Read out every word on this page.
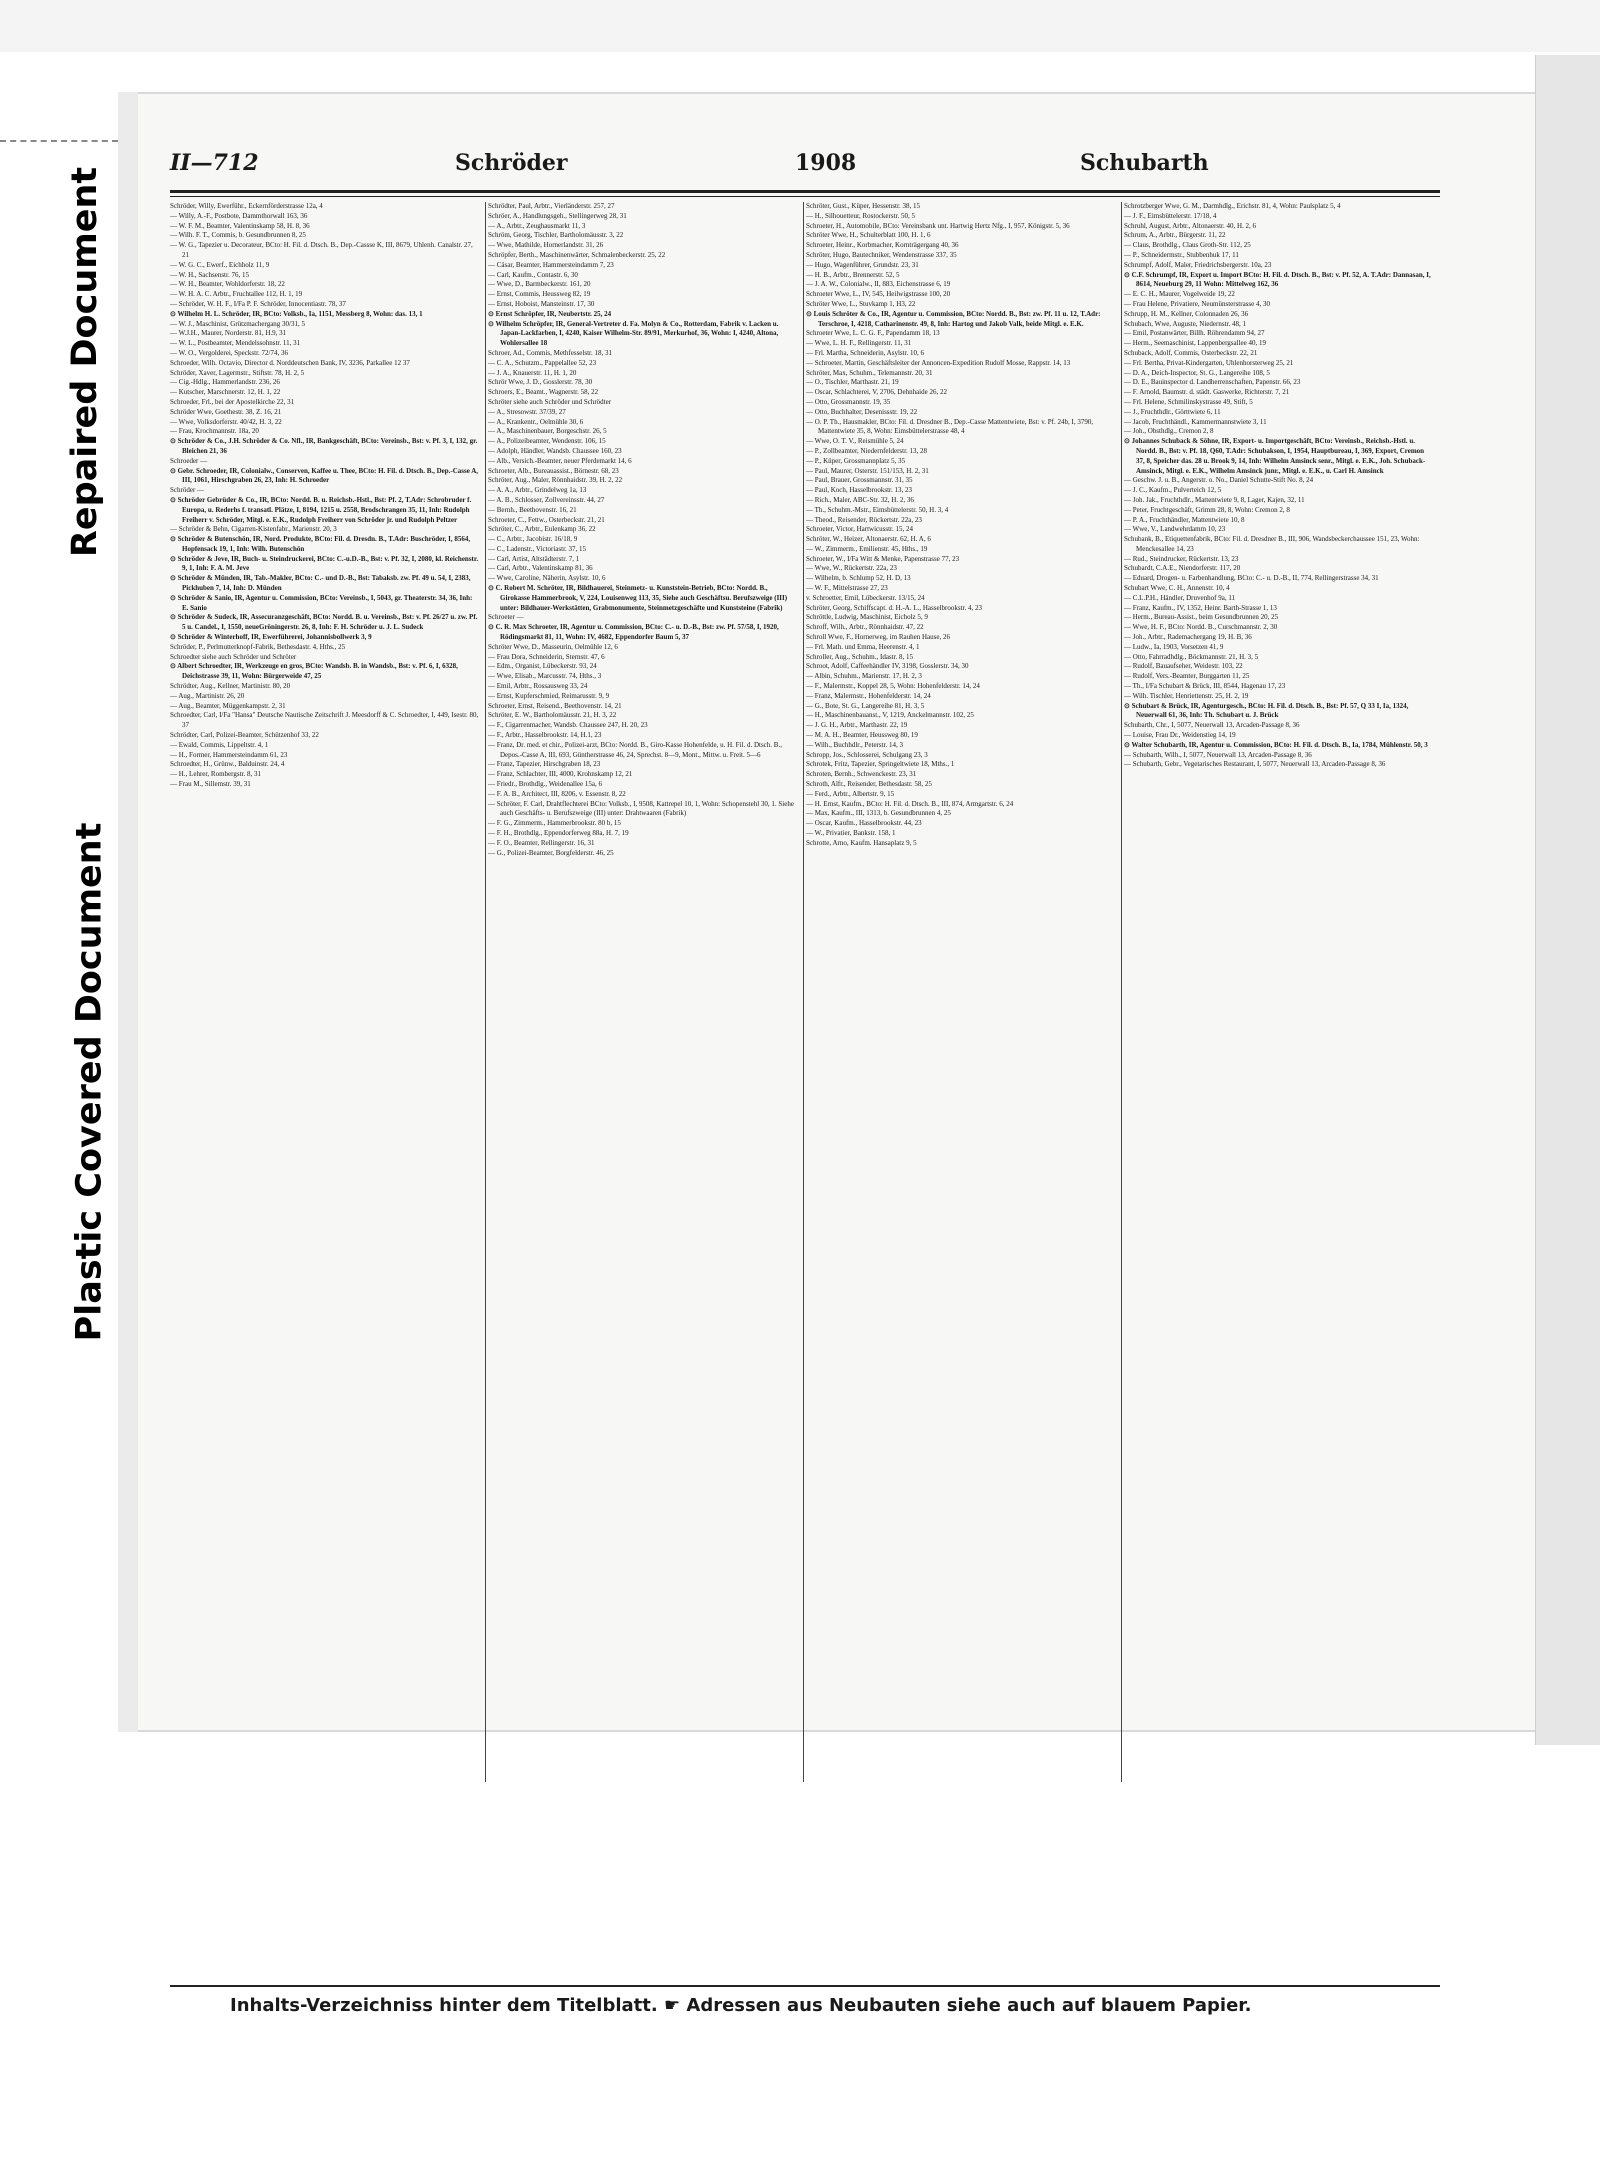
Repaired Document
Plastic Covered Document
II—712	Schröder	1908	Schubarth

Schröder, Willy, Ewerführ., Eckernförderstrasse 12a, 4

— Willy, A.-F., Postbote, Dammthorwall 163, 36

— W. F. M., Beamter, Valentinskamp 58, H. 8, 36

— Wilh. F. T., Commis, b. Gesundbrunnen 8, 25

— W. G., Tapezier u. Decorateur, BCto: H. Fil. d. Dtsch. B., Dep.-Cassse K, III, 8679, Uhlenh. Canalstr. 27, 21

— W. G. C., Ewerf., Eichholz 11, 9

— W. H., Sachsenstr. 76, 15

— W. H., Beamter, Wohldorferstr. 18, 22

— W. H. A. C. Arbtr., Fruchtallee 112, H. 1, 19

— Schröder, W. H. F., I/Fa P. F. Schröder, Innocentiastr. 78, 37

⊙ Wilhelm H. L. Schröder, IR, BCto: Volksb., Ia, 1151, Messberg 8, Wohn: das. 13, 1

— W. J., Maschinist, Grützmachergang 30/31, 5

— W.J.H., Maurer, Norderstr. 81, H.9, 31

— W. L., Postbeamter, Mendelssohnstr. 11, 31

— W. O., Vergolderei, Speckstr. 72/74, 36

Schroeder, Wilh. Octavio, Director d. Norddeutschen Bank, IV, 3236, Parkallee 12 37

Schröder, Xaver, Lagermstr., Stiftstr. 78, H. 2, 5

— Cig.-Hdlg., Hammerlandstr. 236, 26

— Kutscher, Marschnerstr. 12, H. 1, 22

Schroeder, Frl., bei der Apostelkirche 22, 31

Schröder Wwe, Goethestr. 38, Z. 16, 21

— Wwe, Volksdorferstr. 40/42, H. 3, 22

— Frau, Krochmannstr. 18a, 20

⊙ Schröder & Co., J.H. Schröder & Co. Nfl., IR, Bankgeschäft, BCto: Vereinsb., Bst: v. Pf. 3, I, 132, gr. Bleichen 21, 36

Schroeder —

⊙ Gebr. Schroeder, IR, Colonialw., Conserven, Kaffee u. Thee, BCto: H. Fil. d. Dtsch. B., Dep.-Casse A, III, 1061, Hirschgraben 26, 23, Inh: H. Schroeder

Schröder —

⊙ Schröder Gebrüder & Co., IR, BCto: Nordd. B. u. Reichsb.-Hstl., Bst: Pf. 2, T.Adr: Schrobruder f. Europa, u. Rederhs f. transatl. Plätze, I, 8194, 1215 u. 2558, Brodschrangen 35, 11, Inh: Rudolph Freiherr v. Schröder, Mitgl. e. E.K., Rudolph Freiherr von Schröder jr. und Rudolph Peltzer

— Schröder & Behn, Cigarren-Kistenfabr., Marienstr. 20, 3

⊙ Schröder & Butenschön, IR, Nord. Produkte, BCto: Fil. d. Dresdn. B., T.Adr: Buschröder, I, 8564, Hopfensack 19, 1, Inh: Wilh. Butenschön

⊙ Schröder & Jeve, IR, Buch- u. Steindruckerei, BCto: C.-u.D.-B., Bst: v. Pf. 32, I, 2080, kl. Reichenstr. 9, 1, Inh: F. A. M. Jeve

⊙ Schröder & Münden, IR, Tab.-Makler, BCto: C.- und D.-B., Bst: Tabaksb. zw. Pf. 49 u. 54, I, 2383, Pickhuben 7, 14, Inh: D. Münden

⊙ Schröder & Sanio, IR, Agentur u. Commission, BCto: Vereinsb., I, 5043, gr. Theaterstr. 34, 36, Inh: E. Sanio

⊙ Schröder & Sudeck, IR, Assecuranzgeschäft, BCto: Nordd. B. u. Vereinsb., Bst: v. Pf. 26/27 u. zw. Pf. 5 u. Candel., I, 1550, neueGröningerstr. 26, 8, Inh: F. H. Schröder u. J. L. Sudeck

⊙ Schröder & Winterhoff, IR, Ewerführerei, Johannisbollwerk 3, 9

Schröder, P., Perlmutterknopf-Fabrik, Bethesdastr. 4, Hths., 25

Schroedter siehe auch Schröder und Schröter

⊙ Albert Schroedter, IR, Werkzeuge en gros, BCto: Wandsb. B. in Wandsb., Bst: v. Pf. 6, I, 6328, Deichstrasse 39, 11, Wohn: Bürgerweide 47, 25

Schrödter, Aug., Kellner, Martinistr. 80, 20

— Aug., Martinistr. 26, 20

— Aug., Beamter, Müggenkampstr. 2, 31

Schroedter, Carl, I/Fa "Hansa" Deutsche Nautische Zeitschrift J. Meesdorff & C. Schroedter, I, 449, Isestr. 80, 37

Schrödter, Carl, Polizei-Beamter, Schützenhof 33, 22

— Ewald, Commis, Lippeltstr. 4, 1

— H., Former, Hammersteindamm 61, 23

Schroedter, H., Grünw., Balduinstr. 24, 4

— H., Lehrer, Rombergstr. 8, 31

— Frau M., Sillemstr. 39, 31

Schrödter, Paul, Arbtr., Vierländerstr. 257, 27

Schröer, A., Handlungsgeh., Stellingerweg 28, 31

— A., Arbtr., Zeughausmarkt 11, 3

Schröm, Georg, Tischler, Bartholomäusstr. 3, 22

— Wwe, Mathilde, Hornerlandstr. 31, 26

Schröpfer, Berth., Maschinenwärter, Schmalenbeckerstr. 25, 22

— Cäsar, Beamter, Hammersteindamm 7, 23

— Carl, Kaufm., Contastr. 6, 30

— Wwe, D., Barmbeckerstr. 161, 20

— Ernst, Commis, Heussweg 82, 19

— Ernst, Hoboist, Mansteinstr. 17, 30

⊙ Ernst Schröpfer, IR, Neubertstr. 25, 24

⊙ Wilhelm Schröpfer, IR, General-Vertreter d. Fa. Molyn & Co., Rotterdam, Fabrik v. Lacken u. Japan-Lackfarben, I, 4240, Kaiser Wilhelm-Str. 89/91, Merkurhof, 36, Wohn: I, 4240, Altona, Wohlersallee 18

Schroer, Ad., Commis, Methfesselstr. 18, 31

— C. A., Schutzm., Pappelallee 52, 23

— J. A., Knauerstr. 11, H. 1, 20

Schrör Wwe, J. D., Gosslerstr. 78, 30

Schroers, E., Beamt., Wagnerstr. 58, 22

Schröter siehe auch Schröder und Schrödter

— A., Stresowstr. 37/39, 27

— A., Krankentr., Oelmühle 30, 6

— A., Maschinenbauer, Borgeschstr. 26, 5

— A., Polizeibeamter, Wendenstr. 106, 15

— Adolph, Händler, Wandsb. Chaussee 160, 23

— Alb., Versich.-Beamter, neuer Pferdemarkt 14, 6

Schroeter, Alb., Bureauassist., Börnestr. 68, 23

Schröter, Aug., Maler, Rönnhaidstr. 39, H. 2, 22

— A. A., Arbtr., Grindelweg 1a, 13

— A. B., Schlosser, Zollvereinsstr. 44, 27

— Bernh., Beethovenstr. 16, 21

Schroeter, C., Fettw., Osterbeckstr. 21, 21

Schröter, C., Arbtr., Eulenkamp 36, 22

— C., Arbtr., Jacobistr. 16/18, 9

— C., Ladenstr., Victoriastr. 37, 15

— Carl, Artist, Altstädterstr. 7, 1

— Carl, Arbtr., Valentinskamp 81, 36

— Wwe, Caroline, Näherin, Asylstr. 10, 6

⊙ C. Robert M. Schröter, IR, Bildhauerei, Steinmetz- u. Kunststein-Betrieb, BCto: Nordd. B., Girokasse Hammerbrook, V, 224, Louisenweg 113, 35, Siehe auch Geschäftsu. Berufszweige (III) unter: Bildhauer-Werkstätten, Grabmonumente, Steinmetzgeschäfte und Kunststeine (Fabrik)

Schroeter —

⊙ C. R. Max Schroeter, IR, Agentur u. Commission, BCto: C.- u. D.-B., Bst: zw. Pf. 57/58, I, 1920, Rödingsmarkt 81, 11, Wohn: IV, 4682, Eppendorfer Baum 5, 37

Schröter Wwe, D., Masseurin, Oelmühle 12, 6

— Frau Dora, Schneiderin, Sternstr. 47, 6

— Edm., Organist, Lübeckerstr. 93, 24

— Wwe, Elisab., Marcusstr. 74, Hths., 3

— Emil, Arbtr., Rossausweg 33, 24

— Ernst, Kupferschmied, Reimarusstr. 9, 9

Schroeter, Ernst, Reisend., Beethovenstr. 14, 21

Schröter, E. W., Bartholomäusstr. 21, H. 3, 22

— F., Cigarrenmacher, Wandsb. Chaussee 247, H. 20, 23

— F., Arbtr., Hasselbrookstr. 14, H.1, 23

— Franz, Dr. med. et chir., Polizei-arzt, BCto: Nordd. B., Giro-Kasse Hohenfelde, u. H. Fil. d. Dtsch. B., Depos.-Casse A, III, 693, Güntherstrasse 46, 24, Sprechst. 8—9, Mont., Mittw. u. Freit. 5—6

— Franz, Tapezier, Hirschgraben 18, 23

— Franz, Schlachter, III, 4000, Krohnskamp 12, 21

— Friedr., Brothdlg., Weidenallee 15a, 6

— F. A. B., Architect, III, 8206, v. Essenstr. 8, 22

— Schröter, F. Carl, Drahtflechterei BCto: Volksb., I, 9508, Kattrepel 10, 1, Wohn: Schopenstehl 30, 1. Siehe auch Geschäfts- u. Berufszweige (III) unter: Drahtwaaren (Fabrik)

— F. G., Zimmerm., Hammerbrookstr. 80 b, 15

— F. H., Brothdlg., Eppendorferweg 88a, H. 7, 19

— F. O., Beamter, Rellingerstr. 16, 31

— G., Polizei-Beamter, Borgfelderstr. 46, 25

Schröter, Gust., Küper, Hessenstr. 38, 15

— H., Silhouetteur, Rostockerstr. 50, 5

Schroeter, H., Automobile, BCto: Vereinsbank unt. Hartwig Hertz Nfg., I, 957, Königstr. 5, 36

Schröter Wwe, H., Schulterblatt 100, H. 1, 6

Schroeter, Heinr., Korbmacher, Kornträgergang 40, 36

Schröter, Hugo, Bautechniker, Wendenstrasse 337, 35

— Hugo, Wagenführer, Grundstr. 23, 31

— H. B., Arbtr., Brennerstr. 52, 5

— J. A. W., Colonialw., II, 883, Eichenstrasse 6, 19

Schroeter Wwe, L., IV, 545, Heilwigstrasse 100, 20

Schröter Wwe, L., Stuvkamp 1, H3, 22

⊙ Louis Schröter & Co., IR, Agentur u. Commission, BCto: Nordd. B., Bst: zw. Pf. 11 u. 12, T.Adr: Terschroe, I, 4218, Catharinenstr. 49, 8, Inh: Hartog und Jakob Valk, beide Mitgl. e. E.K.

Schroeter Wwe, L. C. G. F., Papendamm 18, 13

— Wwe, L. H. F., Rellingerstr. 11, 31

— Frl. Martha, Schneiderin, Asylstr. 10, 6

— Schroeter, Martin, Geschäftsleiter der Annoncen-Expedition Rudolf Mosse, Rappstr. 14, 13

Schröter, Max, Schuhm., Telemannstr. 20, 31

— O., Tischler, Marthastr. 21, 19

— Oscar, Schlachterei, V, 2706, Dehnhaide 26, 22

— Otto, Grossmannstr. 19, 35

— Otto, Buchhalter, Desenissstr. 19, 22

— O. P. Th., Hausmakler, BCto: Fil. d. Dresdner B., Dep.-Casse Mattentwiete, Bst: v. Pf. 24b, I, 3790, Mattentwiete 35, 8, Wohn: Eimsbüttelerstrasse 48, 4

— Wwe, O. T. V., Reismühle 5, 24

— P., Zollbeamter, Niedernfelderstr. 13, 28

— P., Küper, Grossmannplatz 5, 35

— Paul, Maurer, Osterstr. 151/153, H. 2, 31

— Paul, Brauer, Grossmannstr. 31, 35

— Paul, Koch, Hasselbrookstr. 13, 23

— Rich., Maler, ABC-Str. 32, H. 2, 36

— Th., Schuhm.-Mstr., Eimsbüttelerstr. 50, H. 3, 4

— Theod., Reisender, Rückertstr. 22a, 23

Schroeter, Victor, Hartwicusstr. 15, 24

Schröter, W., Heizer, Altonaerstr. 62, H. A, 6

— W., Zimmerm., Emilienstr. 45, Hths., 19

Schroeter, W., I/Fa Witt & Menke, Papenstrasse 77, 23

— Wwe, W., Rückertstr. 22a, 23

— Wilhelm, b. Schlump 52, H. D, 13

— W. F., Mittelstrasse 27, 23

v. Schroetter, Emil, Lübeckerstr. 13/15, 24

Schröter, Georg, Schiffscapt. d. H.-A. L., Hasselbrookstr. 4, 23

Schröttle, Ludwig, Maschinist, Eicholz 5, 9

Schroff, Wilh., Arbtr., Rönnhaidstr. 47, 22

Schroll Wwe, F., Hornerweg, im Rauhen Hause, 26

— Frl. Math. und Emma, Heerenstr. 4, 1

Schroller, Aug., Schuhm., Idastr. 8, 15

Schroot, Adolf, Caffeehändler IV, 3198, Gosslerstr. 34, 30

— Albin, Schuhm., Marienstr. 17, H. 2, 3

— F., Malermstr., Koppel 28, 5, Wohn: Hohenfelderstr. 14, 24

— Franz, Malermstr., Hohenfelderstr. 14, 24

— G., Bote, St. G., Langereihe 81, H. 3, 5

— H., Maschinenbauanst., V, 1219, Anckelmannstr. 102, 25

— J. G. H., Arbtr., Marthastr. 22, 19

— M. A. H., Beamter, Heussweg 80, 19

— Wilh., Buchhdlr., Peterstr. 14, 3

Schropp, Jos., Schlosserei, Schulgang 23, 3

Schrotek, Fritz, Tapezier, Springeltwiete 18, Mths., 1

Schroten, Bernh., Schwenckestr. 23, 31

Schroth, Alfr., Reisender, Bethesdastr. 58, 25

— Ferd., Arbtr., Albertstr. 9, 15

— H. Ernst, Kaufm., BCto: H. Fil. d. Dtsch. B., III, 874, Armgartstr. 6, 24

— Max, Kaufm., III, 1313, b. Gesundbrunnen 4, 25

— Oscar, Kaufm., Hasselbrookstr. 44, 23

— W., Privatier, Bankstr. 158, 1

Schrotte, Arno, Kaufm. Hansaplatz 9, 5

Schrotzberger Wwe, G. M., Darmhdlg., Erichstr. 81, 4, Wohn: Paulsplatz 5, 4

— J. F., Eimsbüttelerstr. 17/18, 4

Schruhl, August, Arbtr., Altonaerstr. 40, H. 2, 6

Schrum, A., Arbtr., Bürgerstr. 11, 22

— Claus, Brothdlg., Claus Groth-Str. 112, 25

— P., Schneidermstr., Stubbenhuk 17, 11

Schrumpf, Adolf, Maler, Friedrichsbergerstr. 10a, 23

⊙ C.F. Schrumpf, IR, Export u. Import BCto: H. Fil. d. Dtsch. B., Bst: v. Pf. 52, A. T.Adr: Dannasan, I, 8614, Neueburg 29, 11 Wohn: Mittelweg 162, 36

— E. C. H., Maurer, Vogelweide 19, 22

— Frau Helene, Privatiere, Neumünsterstrasse 4, 30

Schrupp, H. M., Kellner, Colonnaden 26, 36

Schubach, Wwe, Auguste, Niedernstr. 48, 1

— Emil, Postanwärter, Billh. Röhrendamm 94, 27

— Herm., Seemaschinist, Lappenbergsallee 40, 19

Schuback, Adolf, Commis, Osterbeckstr. 22, 21

— Frl. Bertha, Privat-Kindergarten, Uhlenhorsterweg 25, 21

— D. A., Deich-Inspector, St. G., Langereihe 108, 5

— D. E., Bauinspector d. Landherrenschaften, Papenstr. 66, 23

— F. Arnold, Baumstr. d. städt. Gaswerke, Richterstr. 7, 21

— Frl. Helene, Schmilinskystrasse 49, Stift, 5

— J., Fruchthdlr., Görttwiete 6, 11

— Jacob, Fruchthändl., Kammermannstwiete 3, 11

— Joh., Obsthdlg., Cremon 2, 8

⊙ Johannes Schuback & Söhne, IR, Export- u. Importgeschäft, BCto: Vereinsb., Reichsb.-Hstl. u. Nordd. B., Bst: v. Pf. 18, Q60, T.Adr: Schubakson, I, 1954, Hauptbureau, I, 369, Export, Cremon 37, 8, Speicher das. 28 u. Brook 9, 14, Inh: Wilhelm Amsinck senr., Mitgl. e. E.K., Joh. Schuback-Amsinck, Mitgl. e. E.K., Wilhelm Amsinck junr., Mitgl. e. E.K., u. Carl H. Amsinck

— Geschw. J. u. B., Angerstr. o. No., Daniel Schutte-Stift No. 8, 24

— J. C., Kaufm., Pulverteich 12, 5

— Joh. Jak., Fruchthdlr., Mattentwiete 9, 8, Lager, Kajen, 32, 11

— Peter, Fruchtgeschäft, Grimm 28, 8, Wohn: Cremon 2, 8

— P. A., Fruchthändler, Mattentwiete 10, 8

— Wwe, V., Landwehrdamm 10, 23

Schubank, B., Etiquettenfabrik, BCto: Fil. d. Dresdner B., III, 906, Wandsbeckerchaussee 151, 23, Wohn: Menckesallee 14, 23

— Rud., Steindrucker, Rückertstr. 13, 23

Schubardt, C.A.E., Niendorferstr. 117, 20

— Eduard, Drogen- u. Farbenhandlung, BCto: C.- u. D.-B., II, 774, Rellingerstrasse 34, 31

Schubart Wwe, C. H., Annenstr. 10, 4

— C.L.P.H., Händler, Druvenhof 9a, 11

— Franz, Kaufm., IV, 1352, Heinr. Barth-Strasse 1, 13

— Herm., Bureau-Assist., beim Gesundbrunnen 20, 25

— Wwe, H. F., BCto: Nordd. B., Curschmannstr. 2, 30

— Joh., Arbtr., Rademachergang 19, H. B, 36

— Ludw., Ia, 1903, Vorsetzen 41, 9

— Otto, Fahrradhdlg., Böckmannstr. 21, H. 3, 5

— Rudolf, Bauaufseher, Weidestr. 103, 22

— Rudolf, Vers.-Beamter, Burggarten 11, 25

— Th., I/Fa Schubart & Brück, III, 8544, Hagenau 17, 23

— Wilh. Tischler, Henriettenstr. 25, H. 2, 19

⊙ Schubart & Brück, IR, Agenturgesch., BCto: H. Fil. d. Dtsch. B., Bst: Pf. 57, Q 33 I, Ia, 1324, Neuerwall 61, 36, Inh: Th. Schubart u. J. Brück

Schubarth, Chr., I, 5077, Neuerwall 13, Arcaden-Passage 8, 36

— Louise, Frau Dr., Weidenstieg 14, 19

⊙ Walter Schubarth, IR, Agentur u. Commission, BCto: H. Fil. d. Dtsch. B., Ia, 1784, Mühlenstr. 50, 3

— Schubarth, Wilh., I, 5077, Neuerwall 13, Arcaden-Passage 8, 36

— Schubarth, Gebr., Vegetarisches Restaurant, I, 5077, Neuerwall 13, Arcaden-Passage 8, 36

Inhalts-Verzeichniss hinter dem Titelblatt. ☛ Adressen aus Neubauten siehe auch auf blauem Papier.
